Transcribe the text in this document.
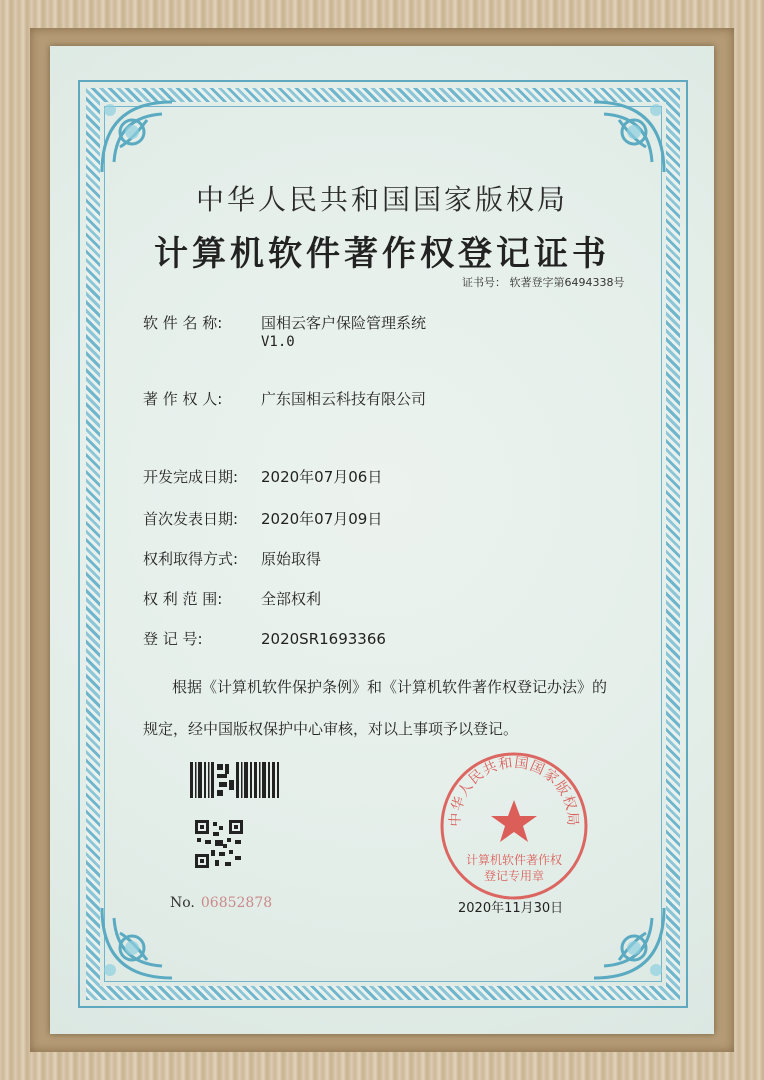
中华人民共和国国家版权局
计算机软件著作权登记证书
证书号： 软著登字第6494338号
软 件 名 称:	国相云客户保险管理系统
V1.0
著 作 权 人:	广东国相云科技有限公司
开发完成日期: 2020年07月06日
首次发表日期: 2020年07月09日
权利取得方式: 原始取得
权 利 范 围:	全部权利
登 记 号:	2020SR1693366
根据《计算机软件保护条例》和《计算机软件著作权登记办法》的
规定，经中国版权保护中心审核，对以上事项予以登记。
No. 06852878
中华人民共和国国家版权局
计算机软件著作权
登记专用章
2020年11月30日
